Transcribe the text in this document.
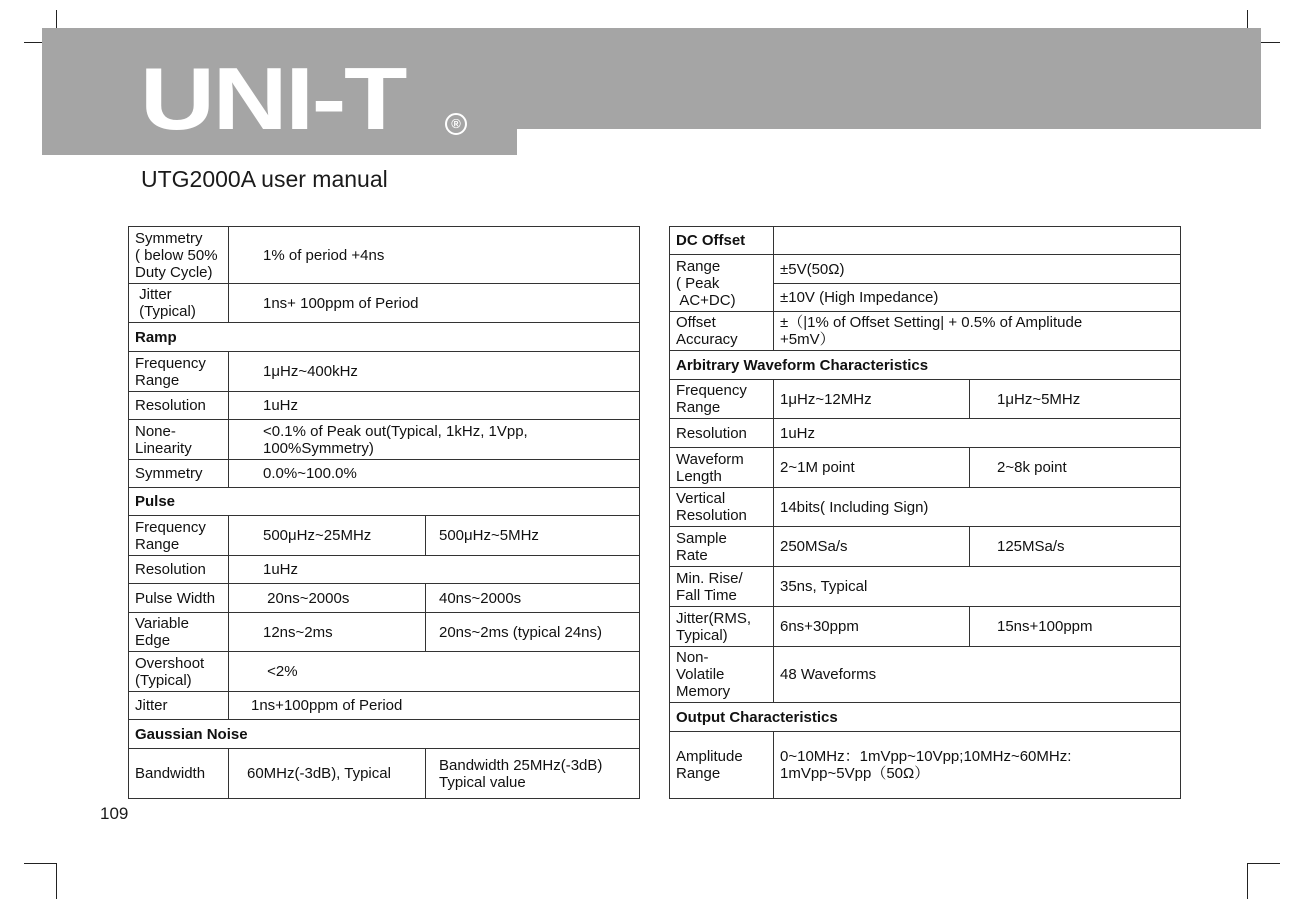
UNI-T	®
UTG2000A user manual
Symmetry
( below 50%
Duty Cycle)	1% of period +4ns	
Jitter
(Typical)	1ns+ 100ppm of Period	
Ramp		
Frequency
Range	1μHz~400kHz	
Resolution	1uHz	
None-
Linearity	<0.1% of Peak out(Typical, 1kHz, 1Vpp,
100%Symmetry)	
Symmetry	0.0%~100.0%	
Pulse		
Frequency
Range	500μHz~25MHz	500μHz~5MHz
Resolution	1uHz	
Pulse Width	20ns~2000s	40ns~2000s
Variable
Edge	12ns~2ms	20ns~2ms (typical 24ns)
Overshoot
(Typical)	<2%	
Jitter	1ns+100ppm of Period	
Gaussian Noise		
Bandwidth	60MHz(-3dB), Typical	Bandwidth 25MHz(-3dB)
Typical value
DC Offset		
Range
( Peak
AC+DC)	±5V(50Ω)	
	±10V (High Impedance)	
Offset
Accuracy	±（|1% of Offset Setting| + 0.5% of Amplitude
+5mV）	
Arbitrary Waveform Characteristics		
Frequency
Range	1μHz~12MHz	1μHz~5MHz
Resolution	1uHz	
Waveform
Length	2~1M point	2~8k point
Vertical
Resolution	14bits( Including Sign)	
Sample
Rate	250MSa/s	125MSa/s
Min. Rise/
Fall Time	35ns, Typical	
Jitter(RMS,
Typical)	6ns+30ppm	15ns+100ppm
Non-
Volatile
Memory	48 Waveforms	
Output Characteristics		
Amplitude
Range	0~10MHz：1mVpp~10Vpp;10MHz~60MHz:
1mVpp~5Vpp（50Ω）	
109
